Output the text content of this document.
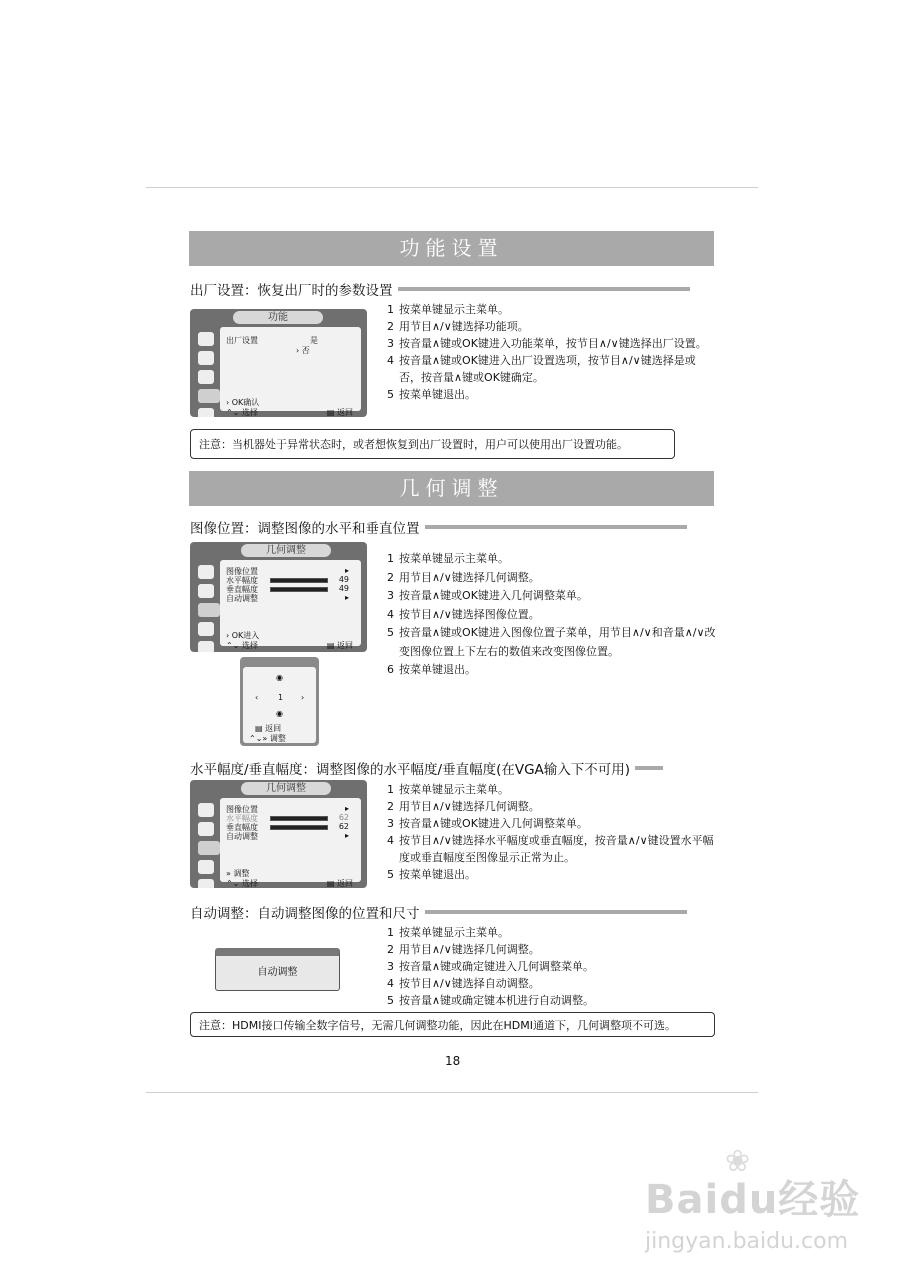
功能设置
出厂设置：恢复出厂时的参数设置
功能
出厂设置	是
› 否
› OK确认
⌃⌄ 选择	▤ 返回
1 按菜单键显示主菜单。
2 用节目∧/∨键选择功能项。
3 按音量∧键或OK键进入功能菜单，按节目∧/∨键选择出厂设置。
4 按音量∧键或OK键进入出厂设置选项，按节目∧/∨键选择是或否，按音量∧键或OK键确定。
5 按菜单键退出。
注意：当机器处于异常状态时，或者想恢复到出厂设置时，用户可以使用出厂设置功能。
几何调整
图像位置：调整图像的水平和垂直位置
几何调整
图像位置	▸
水平幅度	49
垂直幅度	49
自动调整	▸
› OK进入
⌃⌄ 选择	▤ 返回
◉
‹ 1 ›
◉
▤ 返回
⌃⌄» 调整
1 按菜单键显示主菜单。
2 用节目∧/∨键选择几何调整。
3 按音量∧键或OK键进入几何调整菜单。
4 按节目∧/∨键选择图像位置。
5 按音量∧键或OK键进入图像位置子菜单，用节目∧/∨和音量∧/∨改变图像位置上下左右的数值来改变图像位置。
6 按菜单键退出。
水平幅度/垂直幅度：调整图像的水平幅度/垂直幅度(在VGA输入下不可用)
几何调整
图像位置	▸
水平幅度	62
垂直幅度	62
自动调整	▸
» 调整
⌃⌄ 选择	▤ 返回
1 按菜单键显示主菜单。
2 用节目∧/∨键选择几何调整。
3 按音量∧键或OK键进入几何调整菜单。
4 按节目∧/∨键选择水平幅度或垂直幅度，按音量∧/∨键设置水平幅度或垂直幅度至图像显示正常为止。
5 按菜单键退出。
自动调整：自动调整图像的位置和尺寸
自动调整
1 按菜单键显示主菜单。
2 用节目∧/∨键选择几何调整。
3 按音量∧键或确定键进入几何调整菜单。
4 按节目∧/∨键选择自动调整。
5 按音量∧键或确定键本机进行自动调整。
注意：HDMI接口传输全数字信号，无需几何调整功能，因此在HDMI通道下，几何调整项不可选。
18
❀
Baidu经验
jingyan.baidu.com
